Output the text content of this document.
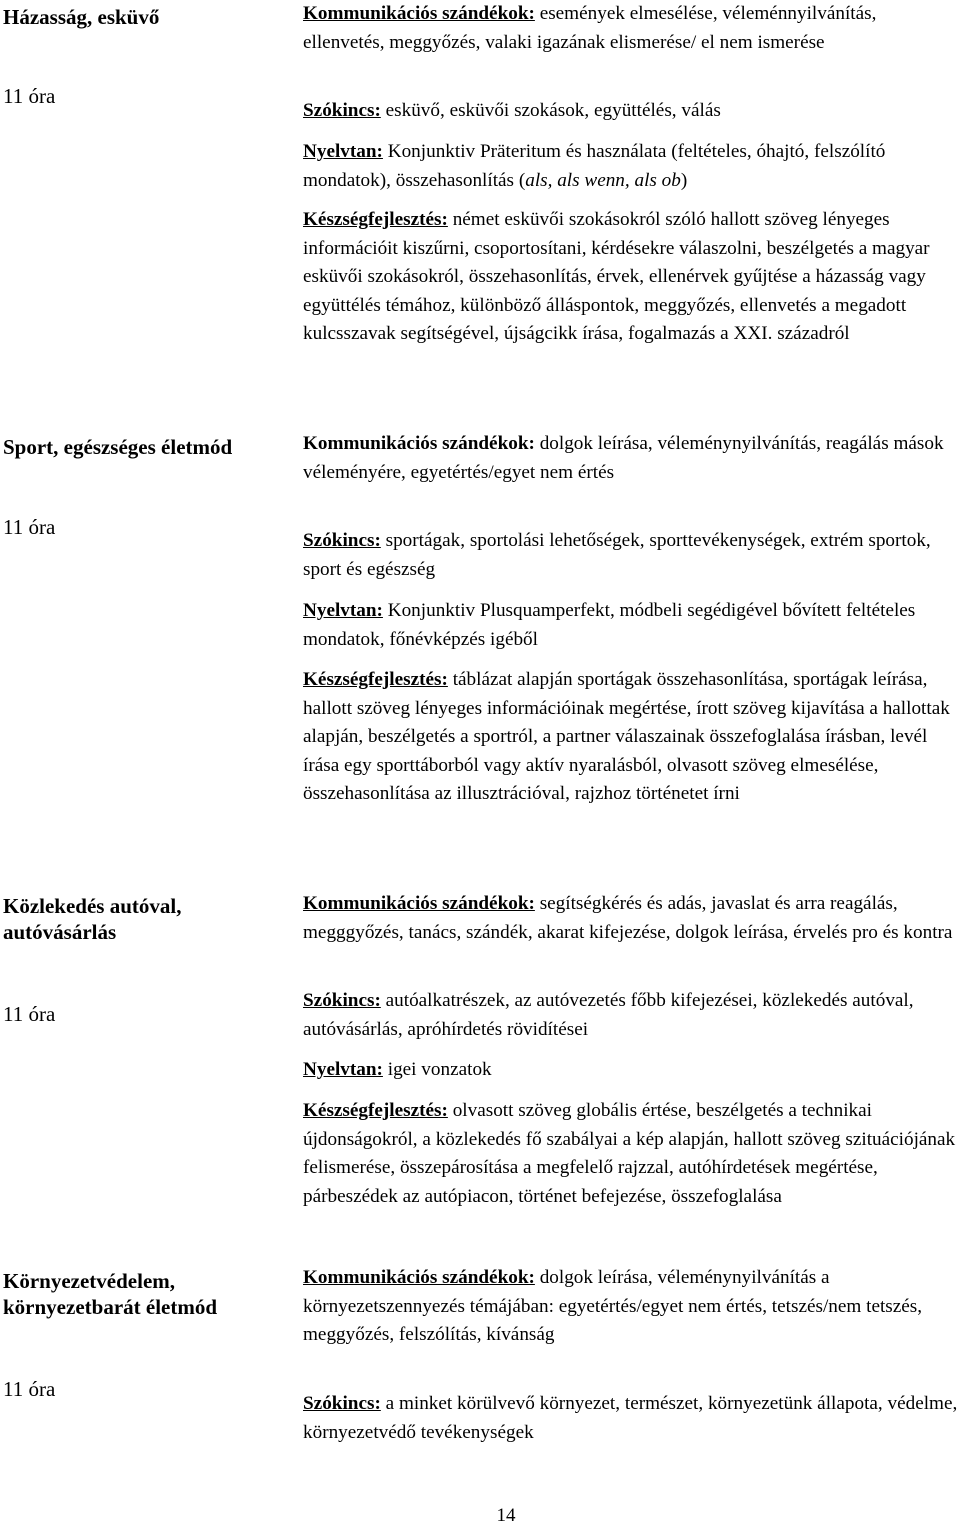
Házasság, esküvő
11 óra

Kommunikációs szándékok: események elmesélése, véleménnyilvánítás, ellenvetés, meggyőzés, valaki igazának elismerése/ el nem ismerése

Szókincs: esküvő, esküvői szokások, együttélés, válás

Nyelvtan: Konjunktiv Präteritum és használata (feltételes, óhajtó, felszólító mondatok), összehasonlítás (als, als wenn, als ob)

Készségfejlesztés: német esküvői szokásokról szóló hallott szöveg lényeges információit kiszűrni, csoportosítani, kérdésekre válaszolni, beszélgetés a magyar esküvői szokásokról, összehasonlítás, érvek, ellenérvek gyűjtése a házasság vagy együttélés témához, különböző álláspontok, meggyőzés, ellenvetés a megadott kulcsszavak segítségével, újságcikk írása, fogalmazás a XXI. századról

Sport, egészséges életmód
11 óra

Kommunikációs szándékok: dolgok leírása, véleménynyilvánítás, reagálás mások véleményére, egyetértés/egyet nem értés

Szókincs: sportágak, sportolási lehetőségek, sporttevékenységek, extrém sportok, sport és egészség

Nyelvtan: Konjunktiv Plusquamperfekt, módbeli segédigével bővített feltételes mondatok, főnévképzés igéből

Készségfejlesztés: táblázat alapján sportágak összehasonlítása, sportágak leírása, hallott szöveg lényeges információinak megértése, írott szöveg kijavítása a hallottak alapján, beszélgetés a sportról, a partner válaszainak összefoglalása írásban, levél írása egy sporttáborból vagy aktív nyaralásból, olvasott szöveg elmesélése, összehasonlítása az illusztrációval, rajzhoz történetet írni

Közlekedés autóval, autóvásárlás
11 óra

Kommunikációs szándékok: segítségkérés és adás, javaslat és arra reagálás, megggyőzés, tanács, szándék, akarat kifejezése, dolgok leírása, érvelés pro és kontra

Szókincs: autóalkatrészek, az autóvezetés főbb kifejezései, közlekedés autóval, autóvásárlás, apróhírdetés rövidítései

Nyelvtan: igei vonzatok

Készségfejlesztés: olvasott szöveg globális értése, beszélgetés a technikai újdonságokról, a közlekedés fő szabályai a kép alapján, hallott szöveg szituációjának felismerése, összepárosítása a megfelelő rajzzal, autóhírdetések megértése, párbeszédek az autópiacon, történet befejezése, összefoglalása

Környezetvédelem, környezetbarát életmód
11 óra

Kommunikációs szándékok: dolgok leírása, véleménynyilvánítás a környezetszennyezés témájában: egyetértés/egyet nem értés, tetszés/nem tetszés, meggyőzés, felszólítás, kívánság

Szókincs: a minket körülvevő környezet, természet, környezetünk állapota, védelme, környezetvédő tevékenységek

14
